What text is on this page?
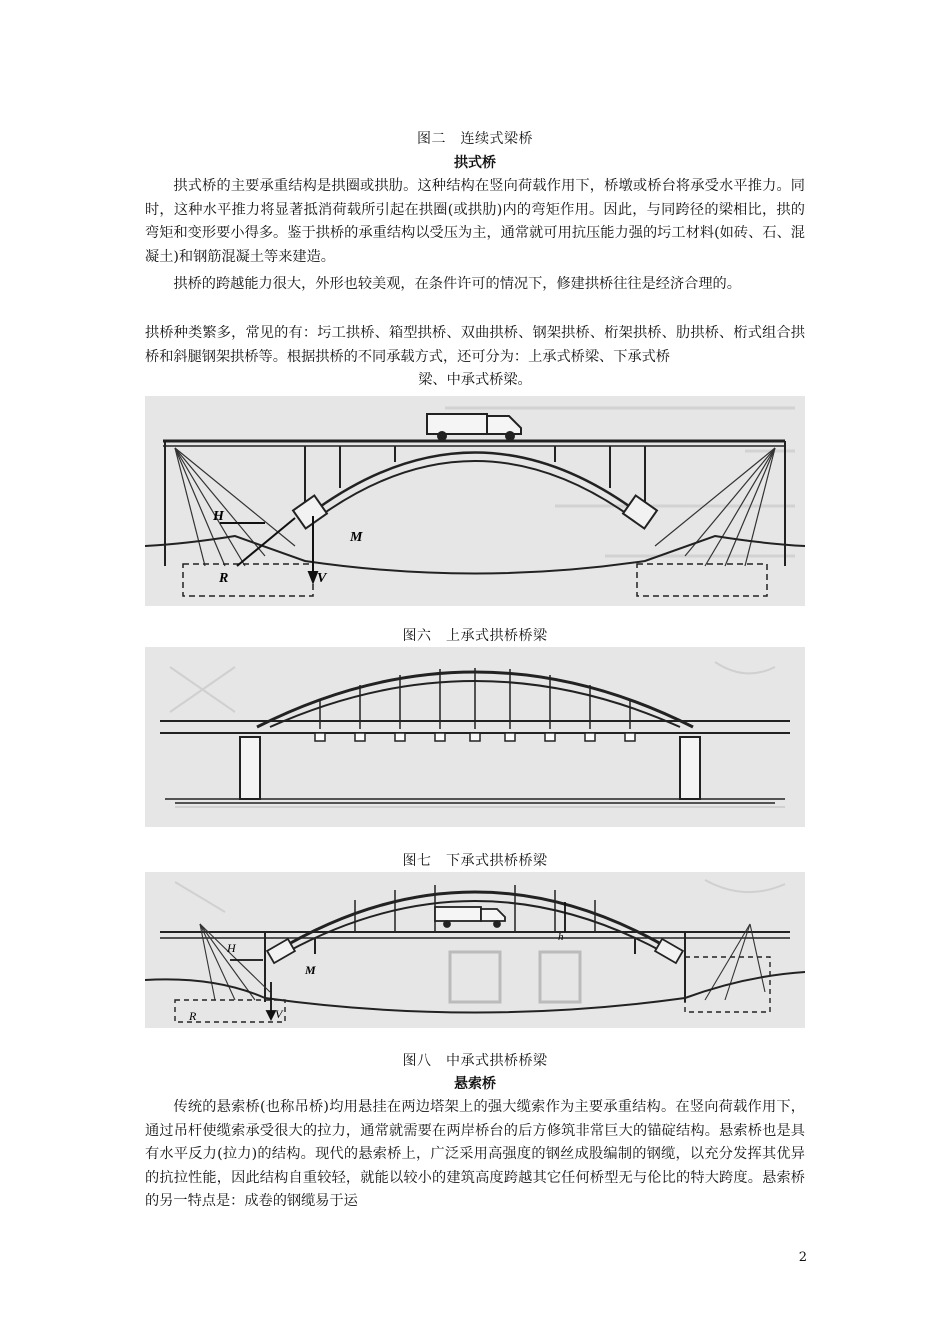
图二　连续式梁桥
拱式桥
拱式桥的主要承重结构是拱圈或拱肋。这种结构在竖向荷载作用下，桥墩或桥台将承受水平推力。同时，这种水平推力将显著抵消荷载所引起在拱圈(或拱肋)内的弯矩作用。因此，与同跨径的梁相比，拱的弯矩和变形要小得多。鉴于拱桥的承重结构以受压为主，通常就可用抗压能力强的圬工材料(如砖、石、混凝土)和钢筋混凝土等来建造。
拱桥的跨越能力很大，外形也较美观，在条件许可的情况下，修建拱桥往往是经济合理的。
拱桥种类繁多，常见的有：圬工拱桥、箱型拱桥、双曲拱桥、钢架拱桥、桁架拱桥、肋拱桥、桁式组合拱桥和斜腿钢架拱桥等。根据拱桥的不同承载方式，还可分为：上承式桥梁、下承式桥
梁、中承式桥梁。
H
M
R	V
图六　上承式拱桥桥梁
图七　下承式拱桥桥梁
H
M
R	V
h
图八　中承式拱桥桥梁
悬索桥
传统的悬索桥(也称吊桥)均用悬挂在两边塔架上的强大缆索作为主要承重结构。在竖向荷载作用下，通过吊杆使缆索承受很大的拉力，通常就需要在两岸桥台的后方修筑非常巨大的锚碇结构。悬索桥也是具有水平反力(拉力)的结构。现代的悬索桥上，广泛采用高强度的钢丝成股编制的钢缆，以充分发挥其优异的抗拉性能，因此结构自重较轻，就能以较小的建筑高度跨越其它任何桥型无与伦比的特大跨度。悬索桥的另一特点是：成卷的钢缆易于运
2
